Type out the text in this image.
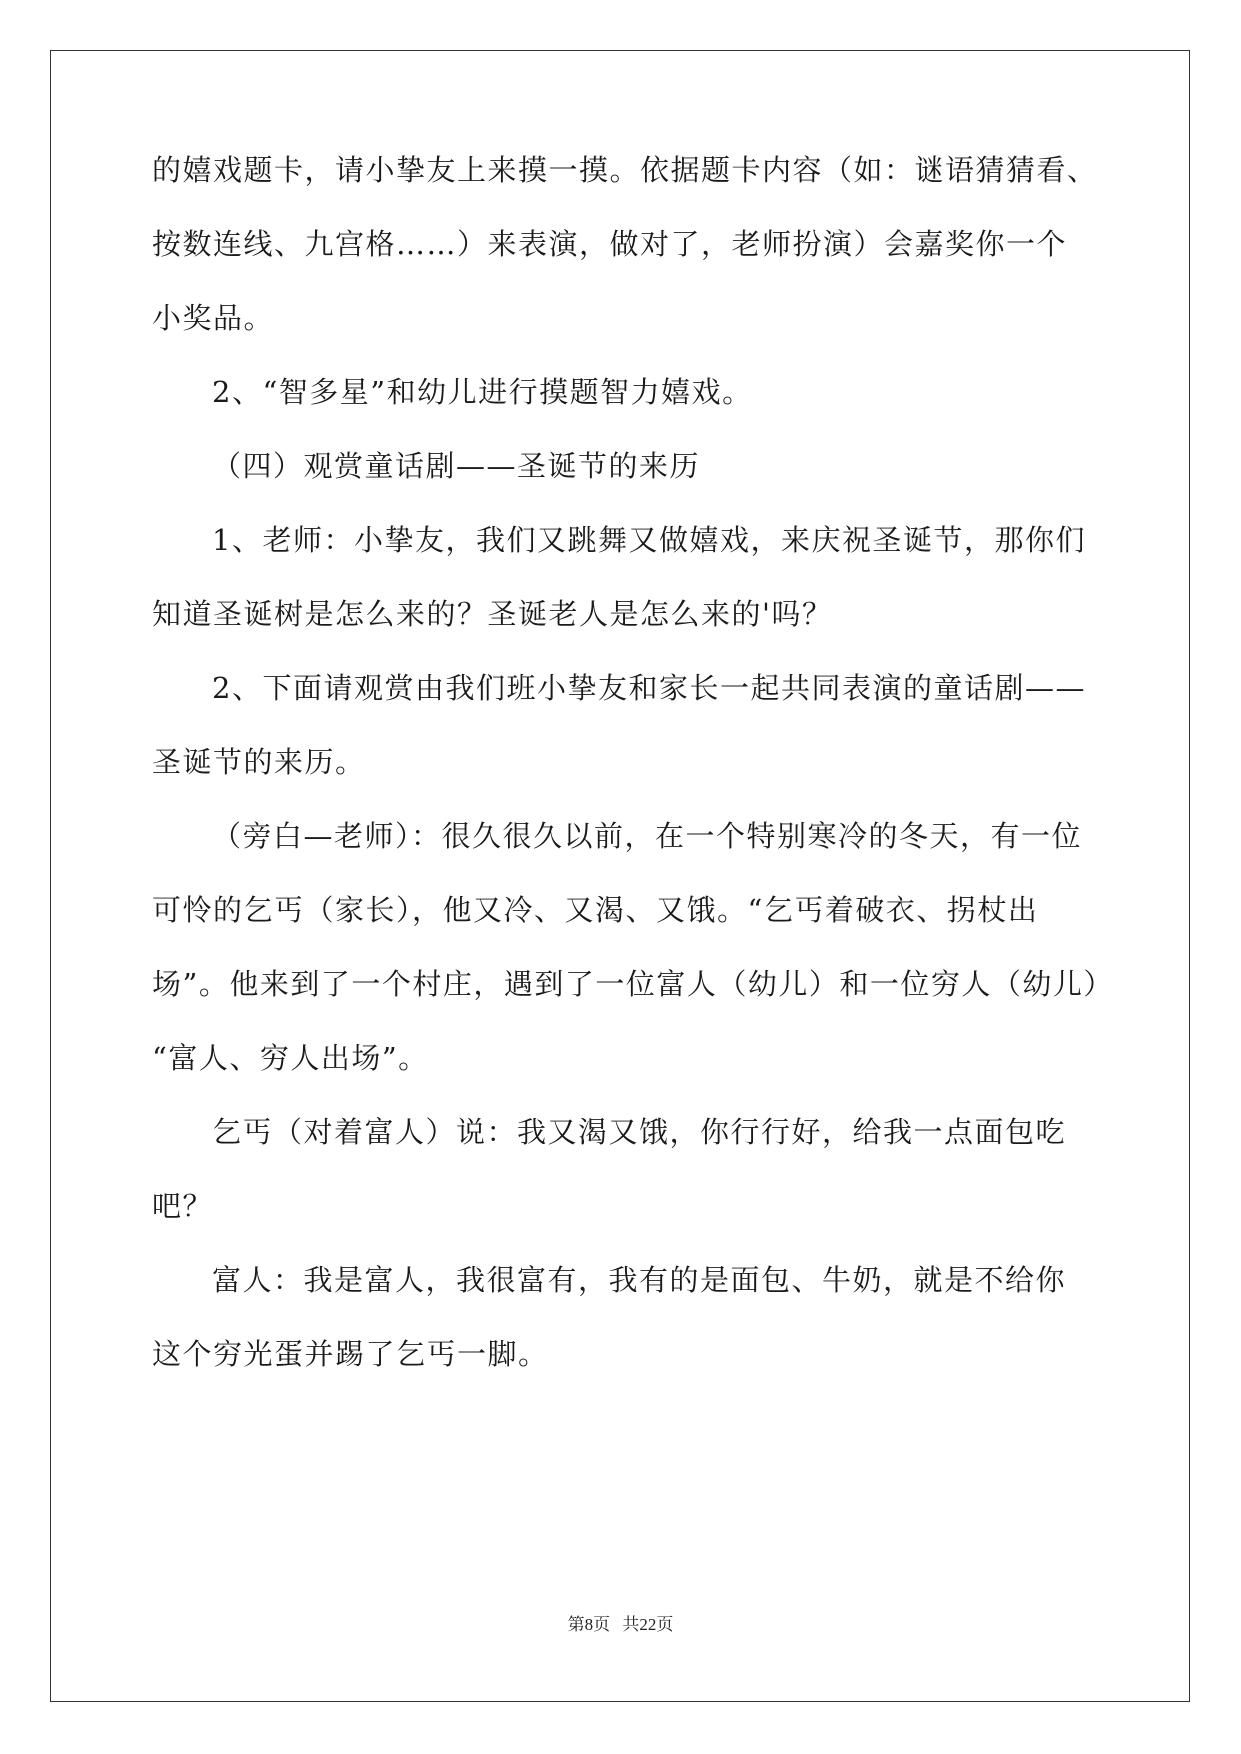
的嬉戏题卡，请小挚友上来摸一摸。依据题卡内容（如：谜语猜猜看、
按数连线、九宫格……）来表演，做对了，老师扮演）会嘉奖你一个
小奖品。
2、“智多星”和幼儿进行摸题智力嬉戏。
（四）观赏童话剧——圣诞节的来历
1、老师：小挚友，我们又跳舞又做嬉戏，来庆祝圣诞节，那你们
知道圣诞树是怎么来的？圣诞老人是怎么来的'吗？
2、下面请观赏由我们班小挚友和家长一起共同表演的童话剧——
圣诞节的来历。
（旁白—老师）：很久很久以前，在一个特别寒冷的冬天，有一位
可怜的乞丐（家长），他又冷、又渴、又饿。“乞丐着破衣、拐杖出
场”。他来到了一个村庄，遇到了一位富人（幼儿）和一位穷人（幼儿）
“富人、穷人出场”。
乞丐（对着富人）说：我又渴又饿，你行行好，给我一点面包吃
吧？
富人：我是富人，我很富有，我有的是面包、牛奶，就是不给你
这个穷光蛋并踢了乞丐一脚。
第8页 共22页
